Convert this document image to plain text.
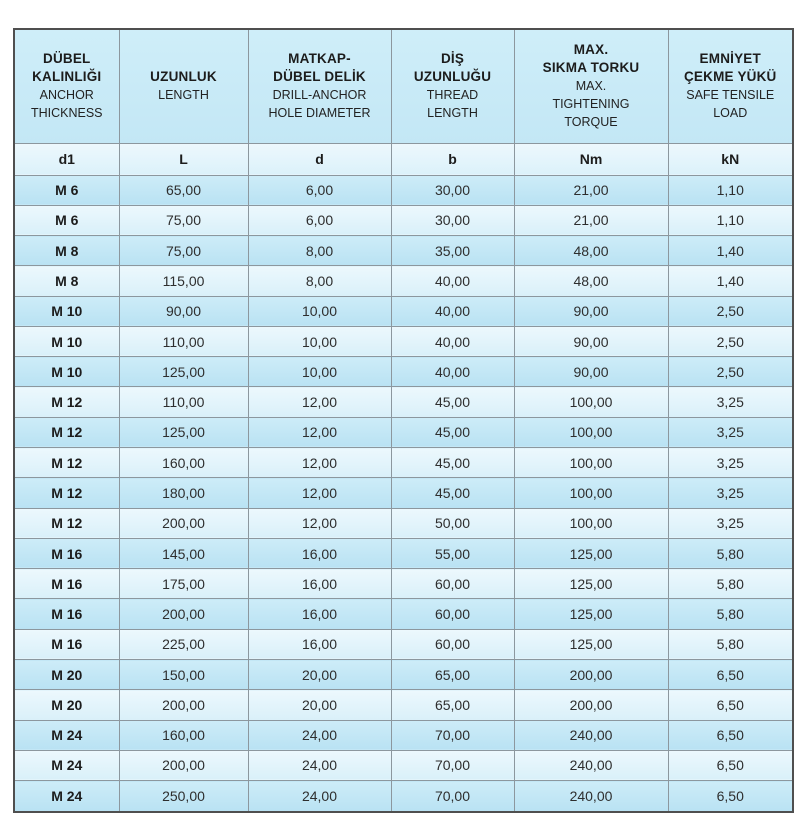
DÜBEL
KALINLIĞI
ANCHOR
THICKNESS

UZUNLUK
LENGTH

MATKAP-
DÜBEL DELİK
DRILL-ANCHOR
HOLE DIAMETER

DİŞ
UZUNLUĞU
THREAD
LENGTH

MAX.
SIKMA TORKU
MAX.
TIGHTENING
TORQUE

EMNİYET
ÇEKME YÜKÜ
SAFE TENSILE
LOAD

d1	L	d	b	Nm	kN
M 6	65,00	6,00	30,00	21,00	1,10
M 6	75,00	6,00	30,00	21,00	1,10
M 8	75,00	8,00	35,00	48,00	1,40
M 8	115,00	8,00	40,00	48,00	1,40
M 10	90,00	10,00	40,00	90,00	2,50
M 10	110,00	10,00	40,00	90,00	2,50
M 10	125,00	10,00	40,00	90,00	2,50
M 12	110,00	12,00	45,00	100,00	3,25
M 12	125,00	12,00	45,00	100,00	3,25
M 12	160,00	12,00	45,00	100,00	3,25
M 12	180,00	12,00	45,00	100,00	3,25
M 12	200,00	12,00	50,00	100,00	3,25
M 16	145,00	16,00	55,00	125,00	5,80
M 16	175,00	16,00	60,00	125,00	5,80
M 16	200,00	16,00	60,00	125,00	5,80
M 16	225,00	16,00	60,00	125,00	5,80
M 20	150,00	20,00	65,00	200,00	6,50
M 20	200,00	20,00	65,00	200,00	6,50
M 24	160,00	24,00	70,00	240,00	6,50
M 24	200,00	24,00	70,00	240,00	6,50
M 24	250,00	24,00	70,00	240,00	6,50
